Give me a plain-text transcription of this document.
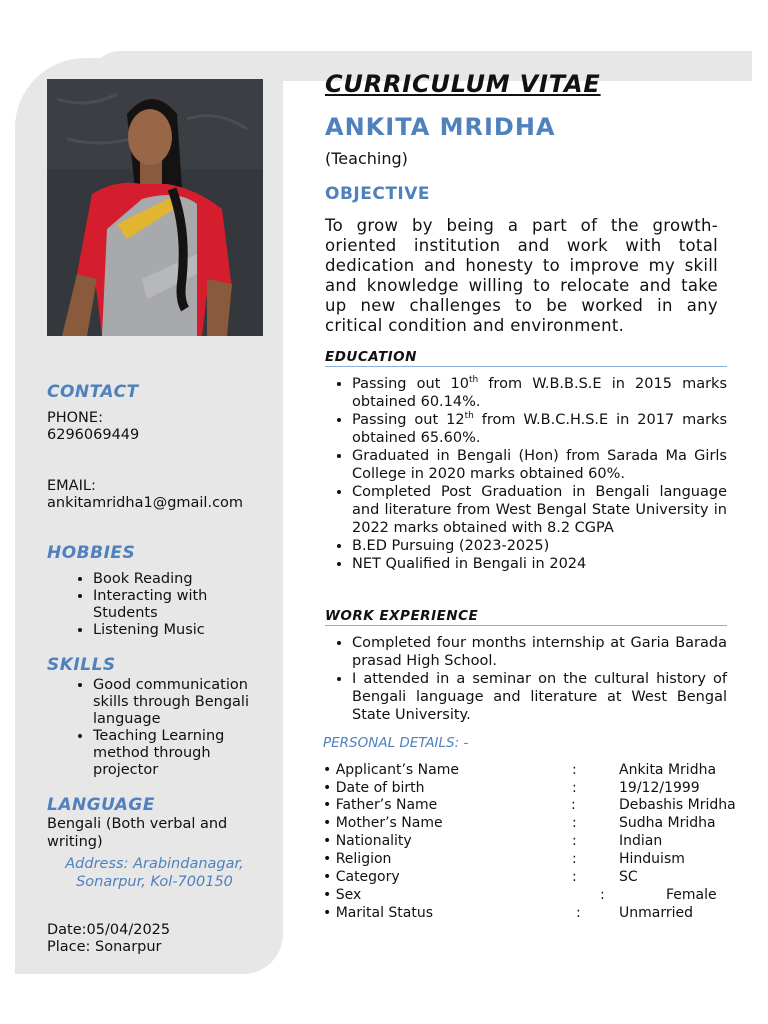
CONTACT
PHONE:
6296069449
EMAIL:
ankitamridha1@gmail.com
HOBBIES
• Book Reading
• Interacting with Students
• Listening Music
SKILLS
• Good communication skills through Bengali language
• Teaching Learning method through projector
LANGUAGE
Bengali (Both verbal and writing)
Address: Arabindanagar, Sonarpur, Kol-700150
Date:05/04/2025
Place: Sonarpur
CURRICULUM VITAE
ANKITA MRIDHA
(Teaching)
OBJECTIVE
To grow by being a part of the growth-oriented institution and work with total dedication and honesty to improve my skill and knowledge willing to relocate and take up new challenges to be worked in any critical condition and environment.
EDUCATION
• Passing out 10th from W.B.B.S.E in 2015 marks obtained 60.14%.
• Passing out 12th from W.B.C.H.S.E in 2017 marks obtained 65.60%.
• Graduated in Bengali (Hon) from Sarada Ma Girls College in 2020 marks obtained 60%.
• Completed Post Graduation in Bengali language and literature from West Bengal State University in 2022 marks obtained with 8.2 CGPA
• B.ED Pursuing (2023-2025)
• NET Qualified in Bengali in 2024
WORK EXPERIENCE
• Completed four months internship at Garia Barada prasad High School.
• I attended in a seminar on the cultural history of Bengali language and literature at West Bengal State University.
PERSONAL DETAILS: -
• Applicant’s Name	:	Ankita Mridha
• Date of birth	:	19/12/1999
• Father’s Name	:	Debashis Mridha
• Mother’s Name	:	Sudha Mridha
• Nationality	:	Indian
• Religion	:	Hinduism
• Category	:	SC
• Sex	:	Female
• Marital Status	:	Unmarried
